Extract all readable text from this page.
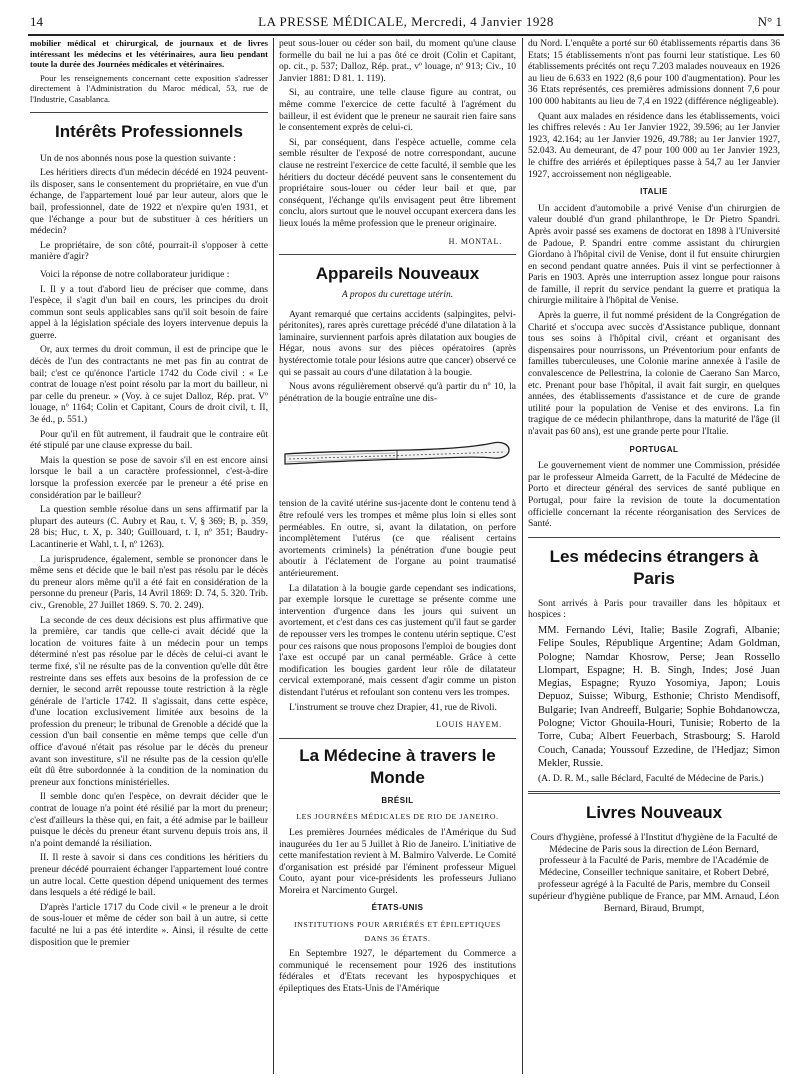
14	LA PRESSE MÉDICALE, Mercredi, 4 Janvier 1928	N° 1

mobilier médical et chirurgical, de journaux et de livres intéressant les médecins et les vétérinaires, aura lieu pendant toute la durée des Journées médicales et vétérinaires.

Pour les renseignements concernant cette exposition s'adresser directement à l'Administration du Maroc médical, 53, rue de l'Industrie, Casablanca.

Intérêts Professionnels

Un de nos abonnés nous pose la question suivante :

Les héritiers directs d'un médecin décédé en 1924 peuvent-ils disposer, sans le consentement du propriétaire, en vue d'un échange, de l'appartement loué par leur auteur, alors que le bail, professionnel, date de 1922 et n'expire qu'en 1931, et que l'échange a pour but de substituer à ces héritiers un médecin?

Le propriétaire, de son côté, pourrait-il s'opposer à cette manière d'agir?

Voici la réponse de notre collaborateur juridique :

I. Il y a tout d'abord lieu de préciser que comme, dans l'espèce, il s'agit d'un bail en cours, les principes du droit commun sont seuls applicables sans qu'il soit besoin de faire appel à la législation spéciale des loyers intervenue depuis la guerre.

Or, aux termes du droit commun, il est de principe que le décès de l'un des contractants ne met pas fin au contrat de bail; c'est ce qu'énonce l'article 1742 du Code civil : « Le contrat de louage n'est point résolu par la mort du bailleur, ni par celle du preneur. » (Voy. à ce sujet Dalloz, Rép. prat. Vº louage, nº 1164; Colin et Capitant, Cours de droit civil, t. II, 3e éd., p. 551.)

Pour qu'il en fût autrement, il faudrait que le contraire eût été stipulé par une clause expresse du bail.

Mais la question se pose de savoir s'il en est encore ainsi lorsque le bail a un caractère professionnel, c'est-à-dire lorsque la profession exercée par le preneur a été prise en considération par le bailleur?

La question semble résolue dans un sens affirmatif par la plupart des auteurs (C. Aubry et Rau, t. V, § 369; B, p. 359, 28 bis; Huc, t. X, p. 340; Guillouard, t. I, nº 351; Baudry-Lacantinerie et Wahl, t. I, nº 1263).

La jurisprudence, également, semble se prononcer dans le même sens et décide que le bail n'est pas résolu par le décès du preneur alors même qu'il a été fait en considération de la personne du preneur (Paris, 14 Avril 1869: D. 74, 5. 320. Trib. civ., Grenoble, 27 Juillet 1869. S. 70. 2. 249).

La seconde de ces deux décisions est plus affirmative que la première, car tandis que celle-ci avait décidé que la location de voitures faite à un médecin pour un temps déterminé n'est pas résolue par le décès de celui-ci avant le terme fixé, s'il ne résulte pas de la convention qu'elle dût être restreinte dans ses effets aux besoins de la profession de ce dernier, le second arrêt repousse toute restriction à la règle générale de l'article 1742. Il s'agissait, dans cette espèce, d'une location exclusivement limitée aux besoins de la profession du preneur; le tribunal de Grenoble a décidé que la cession d'un bail consentie en même temps que celle d'un office d'avoué n'était pas résolue par le décès du preneur avant son investiture, s'il ne résulte pas de la cession qu'elle eût dû être subordonnée à la condition de la nomination du preneur aux fonctions ministérielles.

Il semble donc qu'en l'espèce, on devrait décider que le contrat de louage n'a point été résilié par la mort du preneur; c'est d'ailleurs la thèse qui, en fait, a été admise par le bailleur puisque le décès du preneur étant survenu depuis trois ans, il n'a point demandé la résiliation.

II. Il reste à savoir si dans ces conditions les héritiers du preneur décédé pourraient échanger l'appartement loué contre un autre local. Cette question dépend uniquement des termes dans lesquels a été rédigé le bail.

D'après l'article 1717 du Code civil « le preneur a le droit de sous-louer et même de céder son bail à un autre, si cette faculté ne lui a pas été interdite ». Ainsi, il résulte de cette disposition que le premier

peut sous-louer ou céder son bail, du moment qu'une clause formelle du bail ne lui a pas ôté ce droit (Colin et Capitant, op. cit., p. 537; Dalloz, Rép. prat., vº louage, nº 913; Civ., 10 Janvier 1881: D 81. 1. 119).

Si, au contraire, une telle clause figure au contrat, ou même comme l'exercice de cette faculté à l'agrément du bailleur, il est évident que le preneur ne saurait rien faire sans le consentement exprès de celui-ci.

Si, par conséquent, dans l'espèce actuelle, comme cela semble résulter de l'exposé de notre correspondant, aucune clause ne restreint l'exercice de cette faculté, il semble que les héritiers du docteur décédé peuvent sans le consentement du propriétaire sous-louer ou céder leur bail et que, par conséquent, l'échange qu'ils envisagent peut être librement conclu, alors surtout que le nouvel occupant exercera dans les lieux loués la même profession que le preneur originaire.

H. MONTAL.
Appareils Nouveaux
A propos du curettage utérin.

Ayant remarqué que certains accidents (salpingites, pelvi-péritonites), rares après curettage précédé d'une dilatation à la laminaire, surviennent parfois après dilatation aux bougies de Hégar, nous avons sur des pièces opératoires (après hystérectomie totale pour lésions autre que cancer) observé ce qui se passait au cours d'une dilatation à la bougie.

Nous avons régulièrement observé qu'à partir du nº 10, la pénétration de la bougie entraîne une dis-

tension de la cavité utérine sus-jacente dont le contenu tend à être refoulé vers les trompes et même plus loin si elles sont perméables. En outre, si, avant la dilatation, on perfore incomplètement l'utérus (ce que réalisent certains avortements criminels) la pénétration d'une bougie peut aboutir à l'éclatement de l'organe au point traumatisé antérieurement.

La dilatation à la bougie garde cependant ses indications, par exemple lorsque le curettage se présente comme une intervention d'urgence dans les jours qui suivent un avortement, et c'est dans ces cas justement qu'il faut se garder de repousser vers les trompes le contenu utérin septique. C'est pour ces raisons que nous proposons l'emploi de bougies dont l'axe est occupé par un canal perméable. Grâce à cette modification les bougies gardent leur rôle de dilatateur cervical extemporané, mais cessent d'agir comme un piston distendant l'utérus et refoulant son contenu vers les trompes.

L'instrument se trouve chez Drapier, 41, rue de Rivoli.

LOUIS HAYEM.
La Médecine à travers le Monde
BRÉSIL
LES JOURNÉES MÉDICALES DE RIO DE JANEIRO.

Les premières Journées médicales de l'Amérique du Sud inaugurées du 1er au 5 Juillet à Rio de Janeiro. L'initiative de cette manifestation revient à M. Balmiro Valverde. Le Comité d'organisation est présidé par l'éminent professeur Miguel Couto, ayant pour vice-présidents les professeurs Juliano Moreira et Narcimento Gurgel.

ÉTATS-UNIS
INSTITUTIONS POUR ARRIÉRÉS ET ÉPILEPTIQUES
DANS 36 ÉTATS.

En Septembre 1927, le département du Commerce a communiqué le recensement pour 1926 des institutions fédérales et d'Etats recevant les hypospychiques et épileptiques des Etats-Unis de l'Amérique

du Nord. L'enquête a porté sur 60 établissements répartis dans 36 Etats; 15 établissements n'ont pas fourni leur statistique. Les 60 établissements précités ont reçu 7.203 malades nouveaux en 1926 au lieu de 6.633 en 1922 (8,6 pour 100 d'augmentation). Pour les 36 Etats représentés, ces premières admissions donnent 7,6 pour 100 000 habitants au lieu de 7,4 en 1922 (différence négligeable).

Quant aux malades en résidence dans les établissements, voici les chiffres relevés : Au 1er Janvier 1922, 39.596; au 1er Janvier 1923, 42.164; au 1er Janvier 1926, 49.788; au 1er Janvier 1927, 52.043. Au demeurant, de 47 pour 100 000 au 1er Janvier 1923, le chiffre des arriérés et épileptiques passe à 54,7 au 1er Janvier 1927, accroissement non négligeable.

ITALIE

Un accident d'automobile a privé Venise d'un chirurgien de valeur doublé d'un grand philanthrope, le Dr Pietro Spandri. Après avoir passé ses examens de doctorat en 1898 à l'Université de Padoue, P. Spandri entre comme assistant du chirurgien Giordano à l'hôpital civil de Venise, dont il fut ensuite chirurgien en second pendant quatre années. Puis il vint se perfectionner à Paris en 1903. Après une interruption assez longue pour raisons de famille, il reprit du service pendant la guerre et pratiqua la chirurgie militaire à l'hôpital de Venise.

Après la guerre, il fut nommé président de la Congrégation de Charité et s'occupa avec succès d'Assistance publique, donnant tous ses soins à l'hôpital civil, créant et organisant des dispensaires pour nourrissons, un Préventorium pour enfants de familles tuberculeuses, une Colonie marine annexée à l'asile de convalescence de Pellestrina, la colonie de Caerano San Marco, etc. Prenant pour base l'hôpital, il avait fait surgir, en quelques années, des établissements d'assistance et de cure de grande utilité pour la population de Venise et des environs. La fin tragique de ce médecin philanthrope, dans la maturité de l'âge (il n'avait pas 60 ans), est une grande perte pour l'Italie.

PORTUGAL

Le gouvernement vient de nommer une Commission, présidée par le professeur Almeida Garrett, de la Faculté de Médecine de Porto et directeur général des services de santé publique en Portugal, pour faire la revision de toute la documentation officielle concernant la récente réorganisation des Services de Santé.

Les médecins étrangers à Paris

Sont arrivés à Paris pour travailler dans les hôpitaux et hospices :

MM. Fernando Lévi, Italie; Basile Zografi, Albanie; Felipe Soules, République Argentine; Adam Goldman, Pologne; Namdar Khosrow, Perse; Jean Rossello Llompart, Espagne; H. B. Singh, Indes; José Juan Megias, Espagne; Ryuzo Yosomiya, Japon; Louis Depuoz, Suisse; Wiburg, Esthonie; Christo Mendisoff, Bulgarie; Ivan Andreeff, Bulgarie; Sophie Bohdanowcza, Pologne; Victor Ghouila-Houri, Tunisie; Roberto de la Torre, Cuba; Albert Feuerbach, Strasbourg; S. Harold Couch, Canada; Youssouf Ezzedine, de l'Hedjaz; Simon Mekler, Russie.

(A. D. R. M., salle Béclard, Faculté de Médecine de Paris.)

Livres Nouveaux

Cours d'hygiène, professé à l'Institut d'hygiène de la Faculté de Médecine de Paris sous la direction de Léon Bernard, professeur à la Faculté de Paris, membre de l'Académie de Médecine, Conseiller technique sanitaire, et Robert Debré, professeur agrégé à la Faculté de Paris, membre du Conseil supérieur d'hygiène publique de France, par MM. Arnaud, Léon Bernard, Biraud, Brumpt,
